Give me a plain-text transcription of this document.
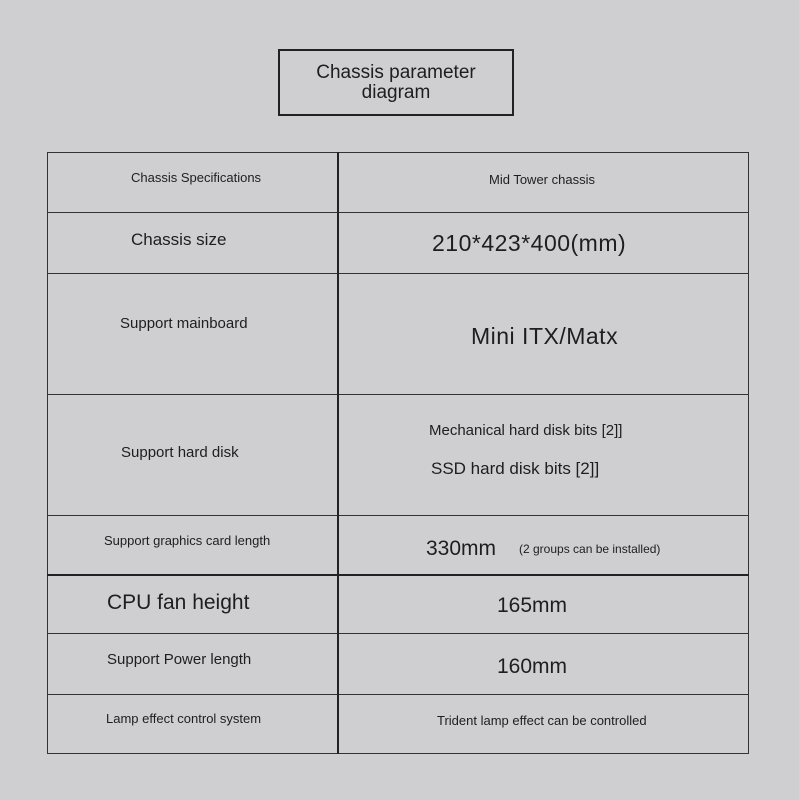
Chassis parameter
diagram
Chassis Specifications	Mid Tower chassis

Chassis size	210*423*400(mm)

Support mainboard	Mini ITX/Matx

Support hard disk	Mechanical hard disk bits [2]]
SSD hard disk bits [2]]

Support graphics card length	330mm (2 groups can be installed)

CPU fan height	165mm

Support Power length	160mm

Lamp effect control system	Trident lamp effect can be controlled
